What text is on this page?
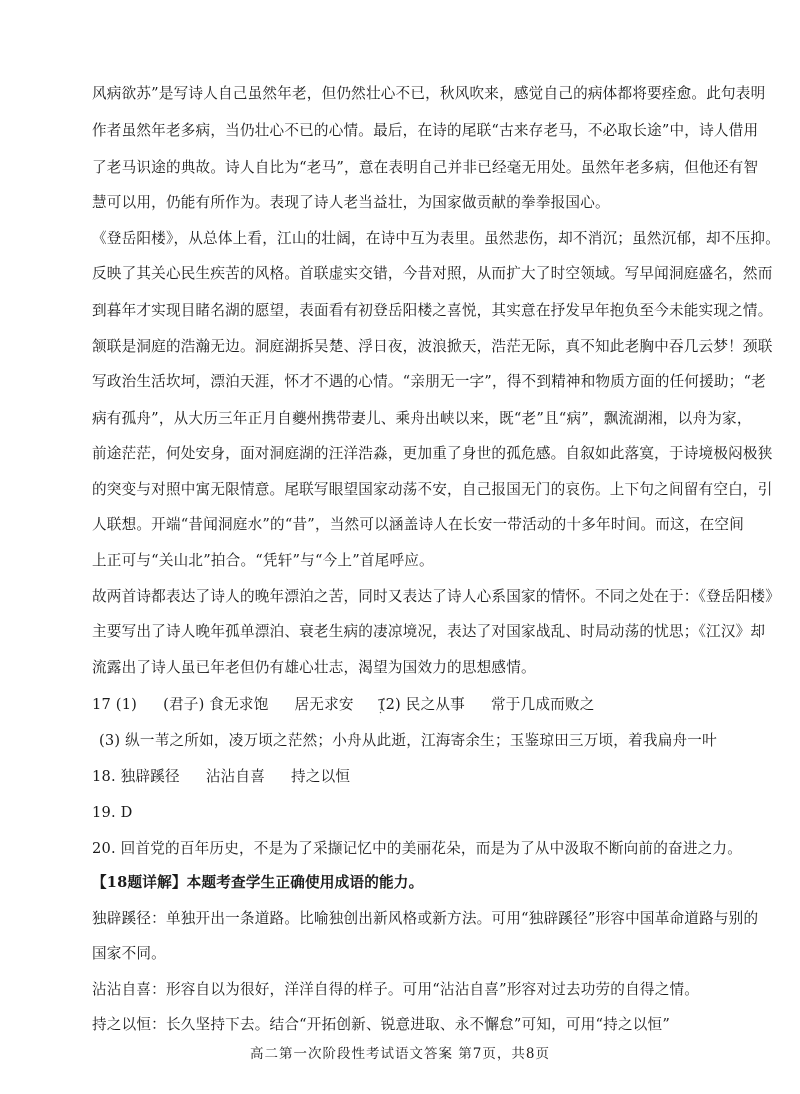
风病欲苏”是写诗人自己虽然年老，但仍然壮心不已，秋风吹来，感觉自己的病体都将要痊愈。此句表明
作者虽然年老多病，当仍壮心不已的心情。最后，在诗的尾联“古来存老马，不必取长途”中，诗人借用
了老马识途的典故。诗人自比为“老马”，意在表明自己并非已经毫无用处。虽然年老多病，但他还有智
慧可以用，仍能有所作为。表现了诗人老当益壮，为国家做贡献的拳拳报国心。
《登岳阳楼》，从总体上看，江山的壮阔，在诗中互为表里。虽然悲伤，却不消沉；虽然沉郁，却不压抑。
反映了其关心民生疾苦的风格。首联虚实交错，今昔对照，从而扩大了时空领域。写早闻洞庭盛名，然而
到暮年才实现目睹名湖的愿望，表面看有初登岳阳楼之喜悦，其实意在抒发早年抱负至今未能实现之情。
颔联是洞庭的浩瀚无边。洞庭湖拆吴楚、浮日夜，波浪掀天，浩茫无际，真不知此老胸中吞几云梦！颈联
写政治生活坎坷，漂泊天涯，怀才不遇的心情。“亲朋无一字”，得不到精神和物质方面的任何援助；“老
病有孤舟”，从大历三年正月自夔州携带妻儿、乘舟出峡以来，既“老”且“病”，飘流湖湘，以舟为家，
前途茫茫，何处安身，面对洞庭湖的汪洋浩淼，更加重了身世的孤危感。自叙如此落寞，于诗境极闷极狭
的突变与对照中寓无限情意。尾联写眼望国家动荡不安，自己报国无门的哀伤。上下句之间留有空白，引
人联想。开端“昔闻洞庭水”的“昔”，当然可以涵盖诗人在长安一带活动的十多年时间。而这，在空间
上正可与“关山北”拍合。“凭轩”与“今上”首尾呼应。
故两首诗都表达了诗人的晚年漂泊之苦，同时又表达了诗人心系国家的情怀。不同之处在于：《登岳阳楼》
主要写出了诗人晚年孤单漂泊、衰老生病的凄凉境况，表达了对国家战乱、时局动荡的忧思；《江汉》却
流露出了诗人虽已年老但仍有雄心壮志，渴望为国效力的思想感情。
17 (1) (君子) 食无求饱 居无求安 (2) 民之从事 常于几成而败之
(3) 纵一苇之所如，凌万顷之茫然；小舟从此逝，江海寄余生；玉鉴琼田三万顷，着我扁舟一叶
18. 独辟蹊径 沾沾自喜 持之以恒
19. D
20. 回首党的百年历史，不是为了采撷记忆中的美丽花朵，而是为了从中汲取不断向前的奋进之力。
【18题详解】本题考查学生正确使用成语的能力。
独辟蹊径：单独开出一条道路。比喻独创出新风格或新方法。可用“独辟蹊径”形容中国革命道路与别的
国家不同。
沾沾自喜：形容自以为很好，洋洋自得的样子。可用“沾沾自喜”形容对过去功劳的自得之情。
持之以恒：长久坚持下去。结合“开拓创新、锐意进取、永不懈怠”可知，可用“持之以恒”
高二第一次阶段性考试语文答案 第7页，共8页
